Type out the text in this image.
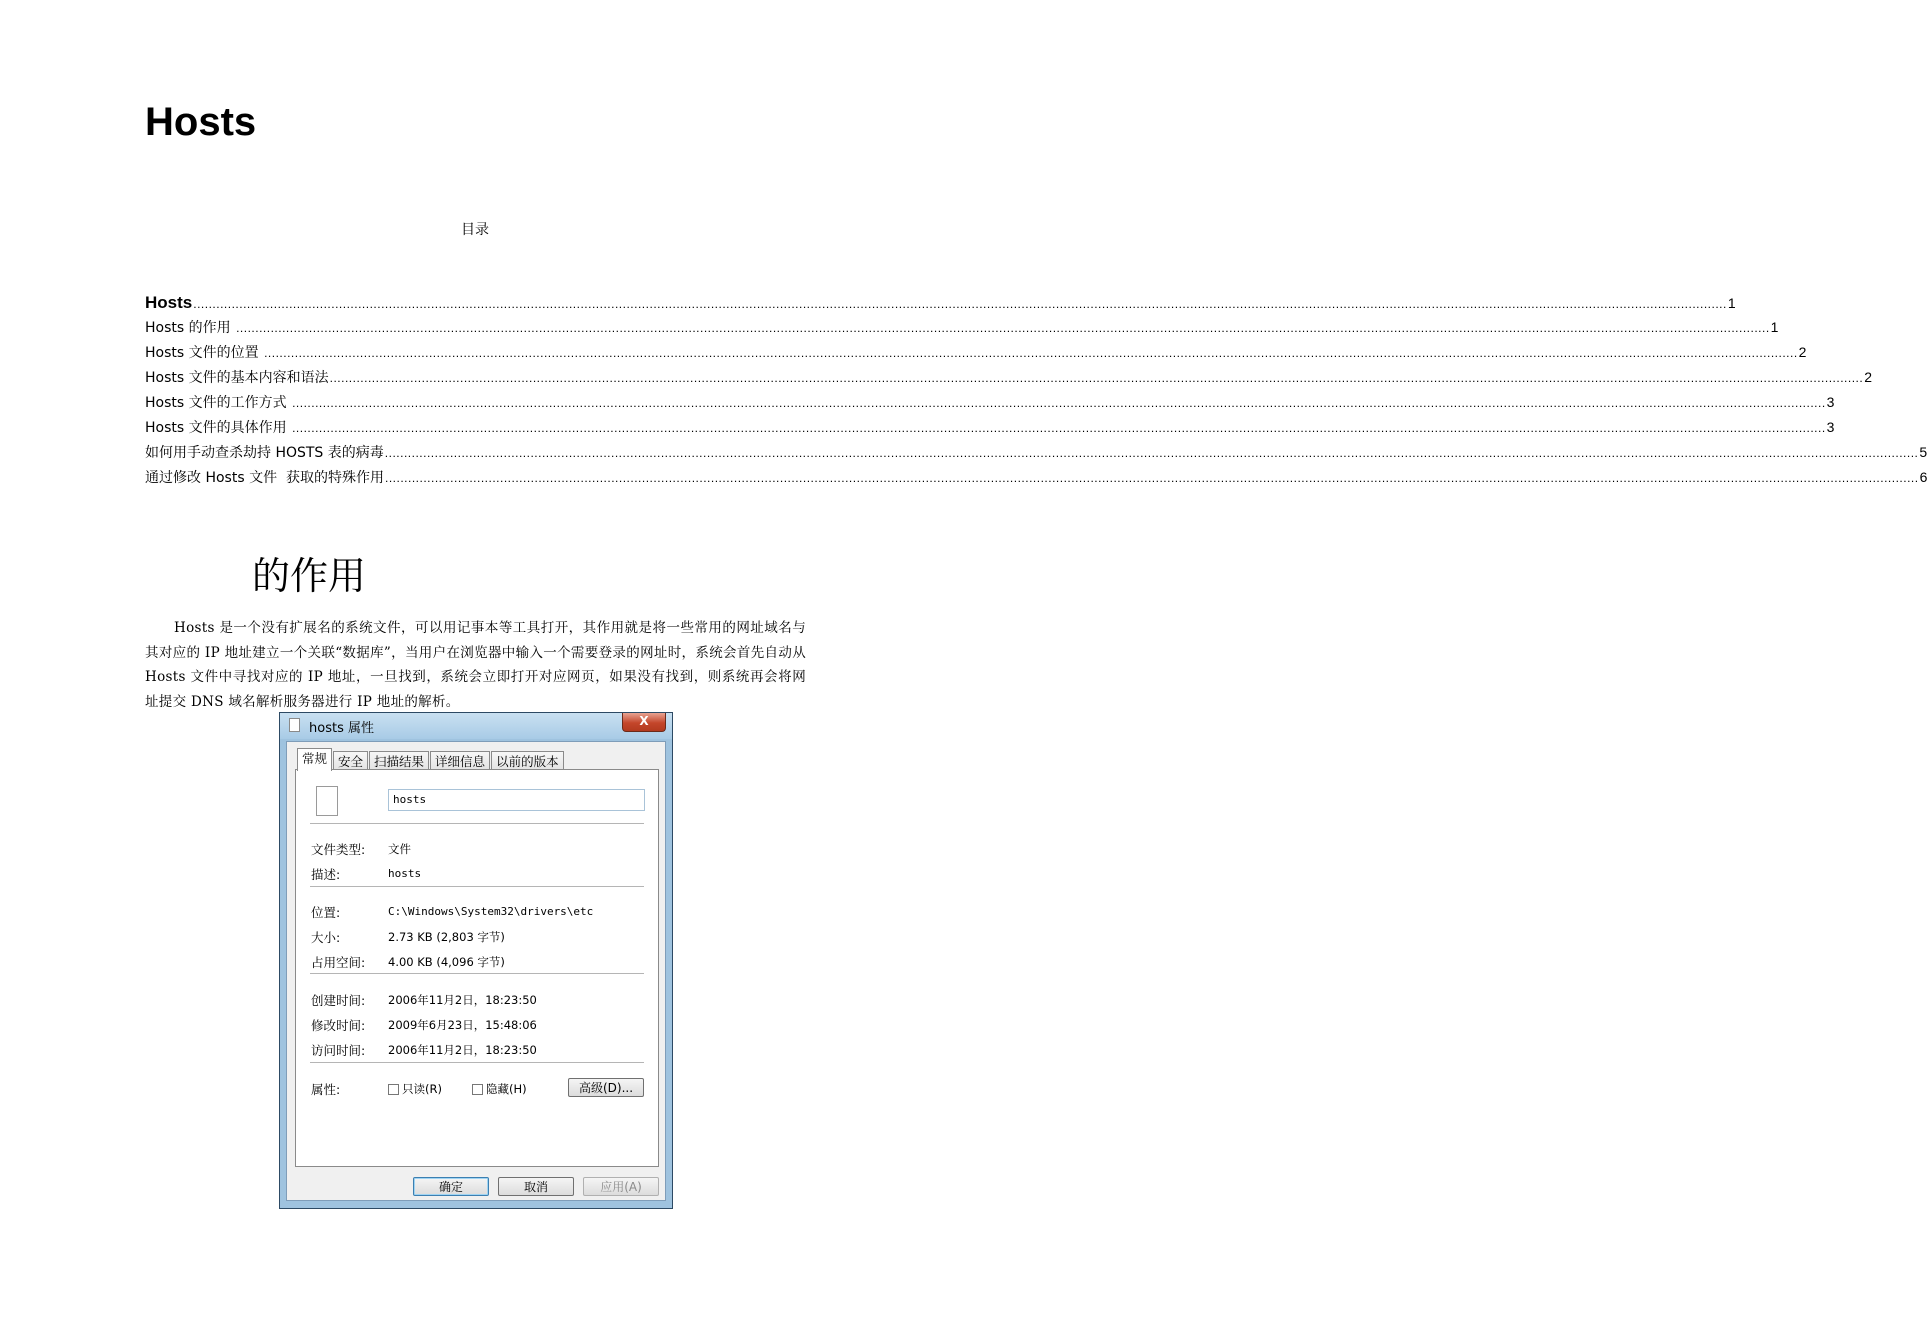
Hosts
目录
Hosts ................................................................................................................................................................................................................................................................................................................................................................................................................ 1
Hosts 的作用 ................................................................................................................................................................................................................................................................................................................................................................................................................ 1
Hosts 文件的位置 ................................................................................................................................................................................................................................................................................................................................................................................................................ 2
Hosts 文件的基本内容和语法 ................................................................................................................................................................................................................................................................................................................................................................................................................ 2
Hosts 文件的工作方式 ................................................................................................................................................................................................................................................................................................................................................................................................................ 3
Hosts 文件的具体作用 ................................................................................................................................................................................................................................................................................................................................................................................................................ 3
如何用手动查杀劫持 HOSTS 表的病毒 ................................................................................................................................................................................................................................................................................................................................................................................................................ 5
通过修改 Hosts 文件  获取的特殊作用 ................................................................................................................................................................................................................................................................................................................................................................................................................ 6
的作用
Hosts 是一个没有扩展名的系统文件，可以用记事本等工具打开，其作用就是将一些常用的网址域名与其对应的 IP 地址建立一个关联“数据库”，当用户在浏览器中输入一个需要登录的网址时，系统会首先自动从 Hosts 文件中寻找对应的 IP 地址，一旦找到，系统会立即打开对应网页，如果没有找到，则系统再会将网址提交 DNS 域名解析服务器进行 IP 地址的解析。
hosts 属性	X
常规 安全 扫描结果 详细信息 以前的版本
hosts
文件类型: 文件
描述:	hosts
位置:	C:\Windows\System32\drivers\etc
大小:	2.73 KB (2,803 字节)
占用空间: 4.00 KB (4,096 字节)
创建时间: 2006年11月2日，18:23:50
修改时间: 2009年6月23日，15:48:06
访问时间: 2006年11月2日，18:23:50
属性:	只读(R)	隐藏(H)	高级(D)...
确定	取消	应用(A)
